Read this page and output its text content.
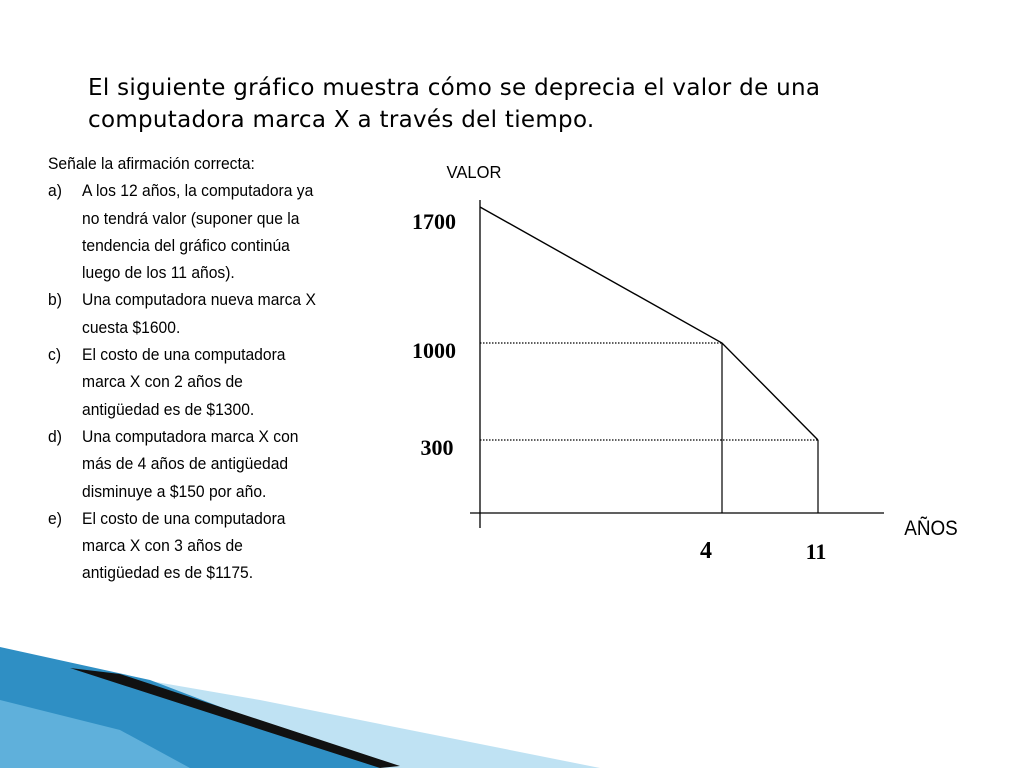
El siguiente gráfico muestra cómo se deprecia el valor de una computadora marca X a través del tiempo.
Señale la afirmación correcta:
a)	A los 12 años, la computadora ya no tendrá valor (suponer que la tendencia del gráfico continúa luego de los 11 años).
b)	Una computadora nueva marca X cuesta $1600.
c)	El costo de una computadora marca X con 2 años de antigüedad es de $1300.
d)	Una computadora marca X con más de 4 años de antigüedad disminuye a $150 por año.
e)	El costo de una computadora marca X con 3 años de antigüedad es de $1175.
1700
1000
300
4	11
VALOR
AÑOS
